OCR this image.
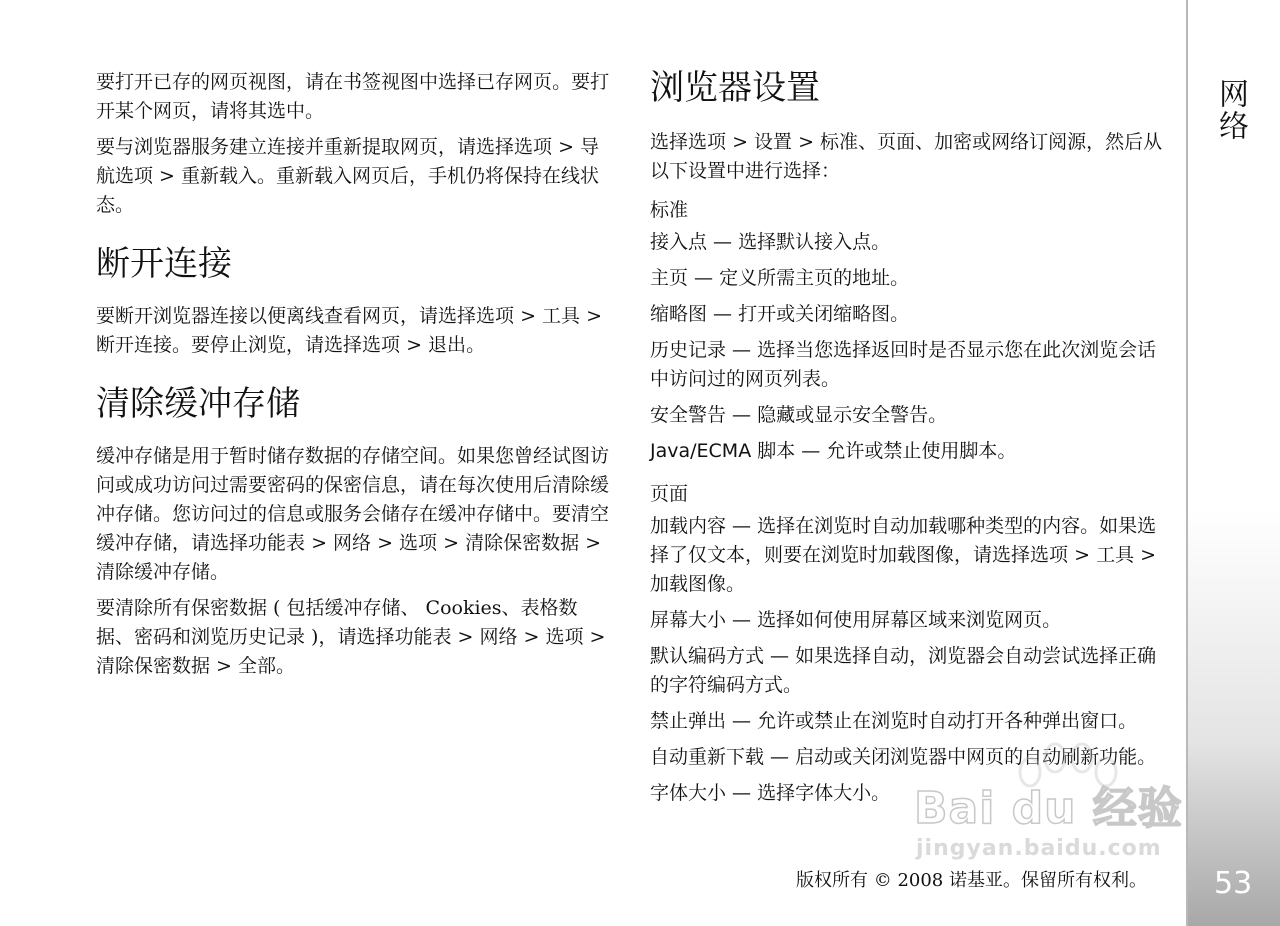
网络

要打开已存的网页视图，请在书签视图中选择已存网页。要打开某个网页，请将其选中。

要与浏览器服务建立连接并重新提取网页，请选择选项 > 导航选项 > 重新载入。重新载入网页后，手机仍将保持在线状态。

断开连接

要断开浏览器连接以便离线查看网页，请选择选项 > 工具 > 断开连接。要停止浏览，请选择选项 > 退出。

清除缓冲存储

缓冲存储是用于暂时储存数据的存储空间。如果您曾经试图访问或成功访问过需要密码的保密信息，请在每次使用后清除缓冲存储。您访问过的信息或服务会储存在缓冲存储中。要清空缓冲存储，请选择功能表 > 网络 > 选项 > 清除保密数据 > 清除缓冲存储。

要清除所有保密数据 ( 包括缓冲存储、 Cookies、表格数据、密码和浏览历史记录 )，请选择功能表 > 网络 > 选项 > 清除保密数据 > 全部。

浏览器设置

选择选项 > 设置 > 标准、页面、加密或网络订阅源，然后从以下设置中进行选择：

标准

接入点 — 选择默认接入点。

主页 — 定义所需主页的地址。

缩略图 — 打开或关闭缩略图。

历史记录 — 选择当您选择返回时是否显示您在此次浏览会话中访问过的网页列表。

安全警告 — 隐藏或显示安全警告。

Java/ECMA 脚本 — 允许或禁止使用脚本。

页面

加载内容 — 选择在浏览时自动加载哪种类型的内容。如果选择了仅文本，则要在浏览时加载图像，请选择选项 > 工具 > 加载图像。

屏幕大小 — 选择如何使用屏幕区域来浏览网页。

默认编码方式 — 如果选择自动，浏览器会自动尝试选择正确的字符编码方式。

禁止弹出 — 允许或禁止在浏览时自动打开各种弹出窗口。

自动重新下载 — 启动或关闭浏览器中网页的自动刷新功能。

字体大小 — 选择字体大小。 Bai du 经验
jingyan.baidu.com
版权所有 © 2008 诺基亚。保留所有权利。 53
